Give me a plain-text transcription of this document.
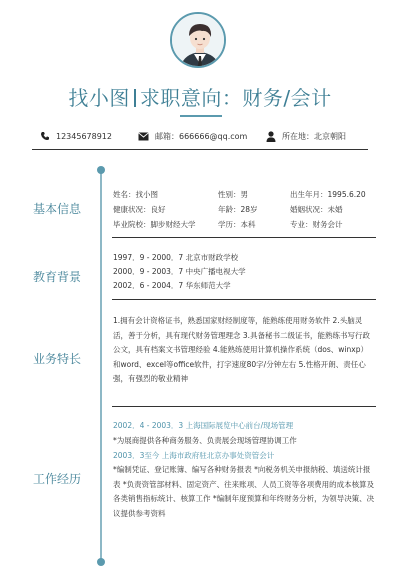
找小图 求职意向：财务/会计
12345678912	邮箱：666666@qq.com	所在地：北京朝阳
基本信息
教育背景
业务特长
工作经历
姓名：找小图	性别：男	出生年月：1995.6.20
健康状况：良好	年龄：28岁	婚姻状况：未婚
毕业院校：脚步财经大学	学历：本科	专业：财务会计
1997．9 - 2000．7 北京市财政学校
2000．9 - 2003．7 中央广播电视大学
2002．6 - 2004．7 华东师范大学
1.拥有会计资格证书，熟悉国家财经制度等，能熟练使用财务软件 2.头脑灵活，善于分析，具有现代财务管理理念 3.具备秘书二级证书，能熟练书写行政公文，具有档案文书管理经验 4.能熟练使用计算机操作系统（dos、winxp）和word、excel等office软件，打字速度80字/分钟左右 5.性格开朗、责任心强，有强烈的敬业精神
2002．4 - 2003．3 上海国际展览中心前台/现场管理
*为展商提供各种商务服务、负责展会现场管理协调工作
2003．3至今 上海市政府驻北京办事处资管会计
*编制凭证、登记账簿、编写各种财务报表 *向税务机关申报纳税、填送统计报表 *负责资管部材料、固定资产、往来账项、人员工资等各项费用的成本核算及各类销售指标统计、核算工作 *编制年度预算和年终财务分析，为领导决策、决议提供参考资料
